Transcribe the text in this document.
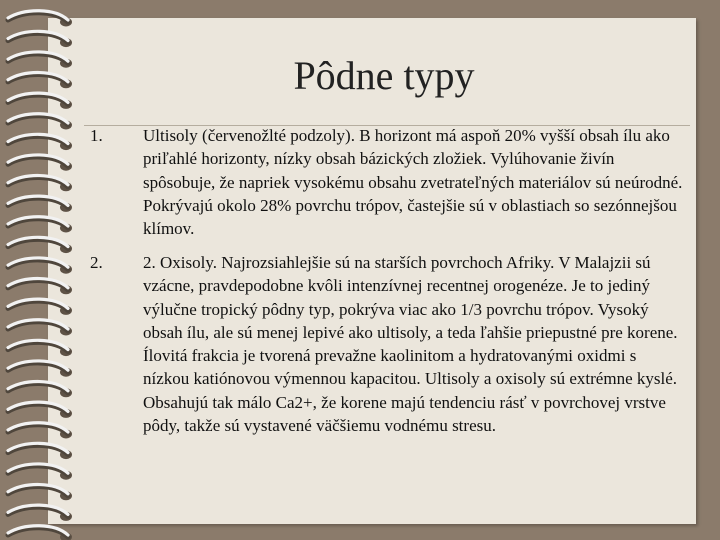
Pôdne typy
1.	Ultisoly (červenožlté podzoly). B horizont má aspoň 20% vyšší obsah ílu ako priľahlé horizonty, nízky obsah bázických zložiek. Vylúhovanie živín spôsobuje, že napriek vysokému obsahu zvetrateľných materiálov sú neúrodné. Pokrývajú okolo 28% povrchu trópov, častejšie sú v oblastiach so sezónnejšou klímov.
2.	2. Oxisoly. Najrozsiahlejšie sú na starších povrchoch Afriky. V Malajzii sú vzácne, pravdepodobne kvôli intenzívnej recentnej orogenéze. Je to jediný výlučne tropický pôdny typ, pokrýva viac ako 1/3 povrchu trópov. Vysoký obsah ílu, ale sú menej lepivé ako ultisoly, a teda ľahšie priepustné pre korene. Ílovitá frakcia je tvorená prevažne kaolinitom a hydratovanými oxidmi s nízkou katiónovou výmennou kapacitou. Ultisoly a oxisoly sú extrémne kyslé. Obsahujú tak málo Ca2+, že korene majú tendenciu rásť v povrchovej vrstve pôdy, takže sú vystavené väčšiemu vodnému stresu.
